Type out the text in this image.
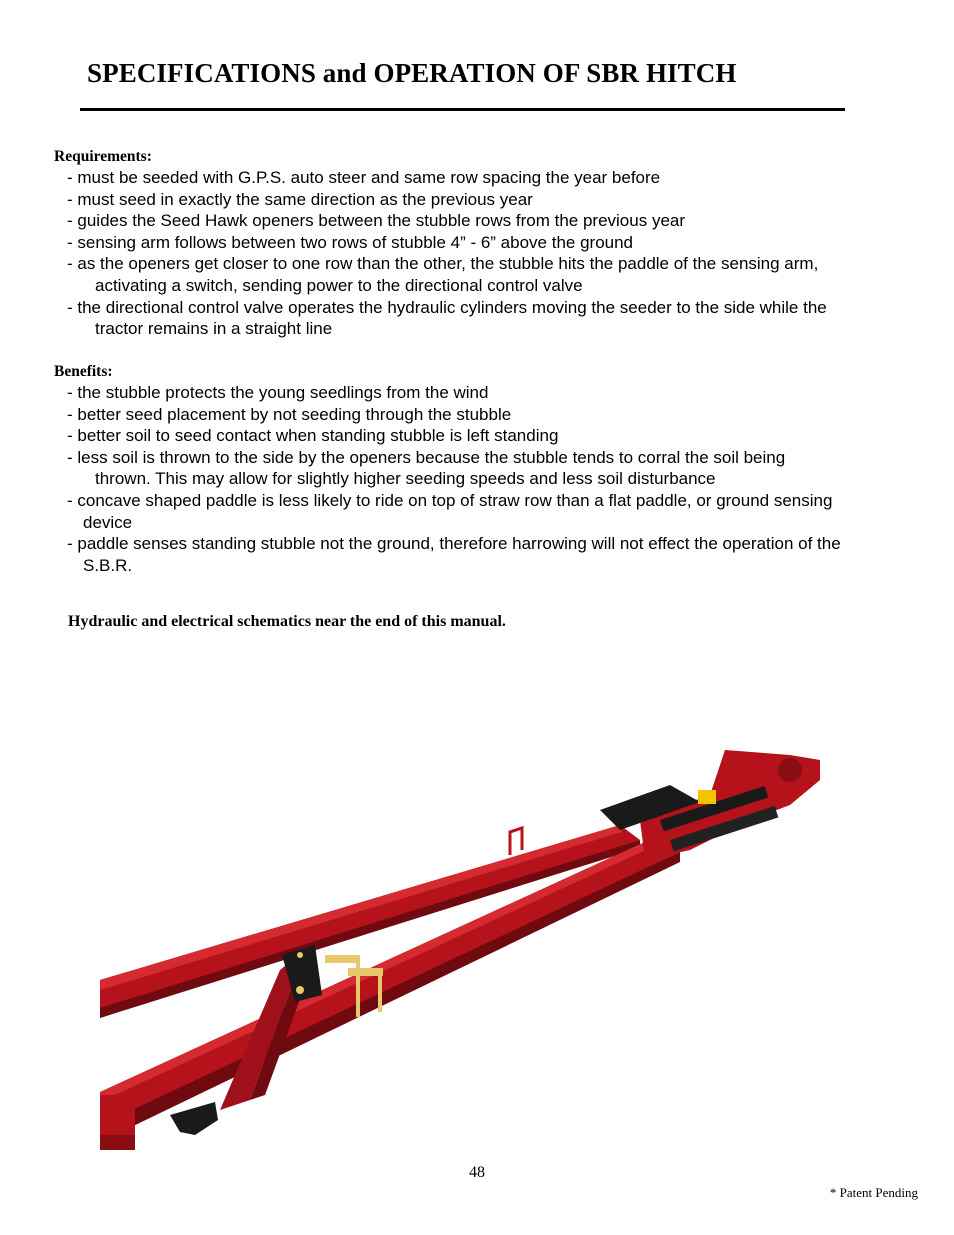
SPECIFICATIONS and OPERATION OF SBR HITCH
Requirements:
- must be seeded with G.P.S. auto steer and same row spacing the year before
- must seed in exactly the same direction as the previous year
- guides the Seed Hawk openers between the stubble rows from the previous year
- sensing arm follows between two rows of stubble 4” - 6” above the ground
- as the openers get closer to one row than the other, the stubble hits the paddle of the sensing arm,
activating a switch, sending power to the directional control valve
- the directional control valve operates the hydraulic cylinders moving the seeder to the side while the
tractor remains in a straight line
Benefits:
- the stubble protects the young seedlings from the wind
- better seed placement by not seeding through the stubble
- better soil to seed contact when standing stubble is left standing
- less soil is thrown to the side by the openers because the stubble tends to corral the soil being
thrown. This may allow for slightly higher seeding speeds and less soil disturbance
- concave shaped paddle is less likely to ride on top of straw row than a flat paddle, or ground sensing
device
- paddle senses standing stubble not the ground, therefore harrowing will not effect the operation of the
S.B.R.
Hydraulic and electrical schematics near the end of this manual.
48
* Patent Pending
